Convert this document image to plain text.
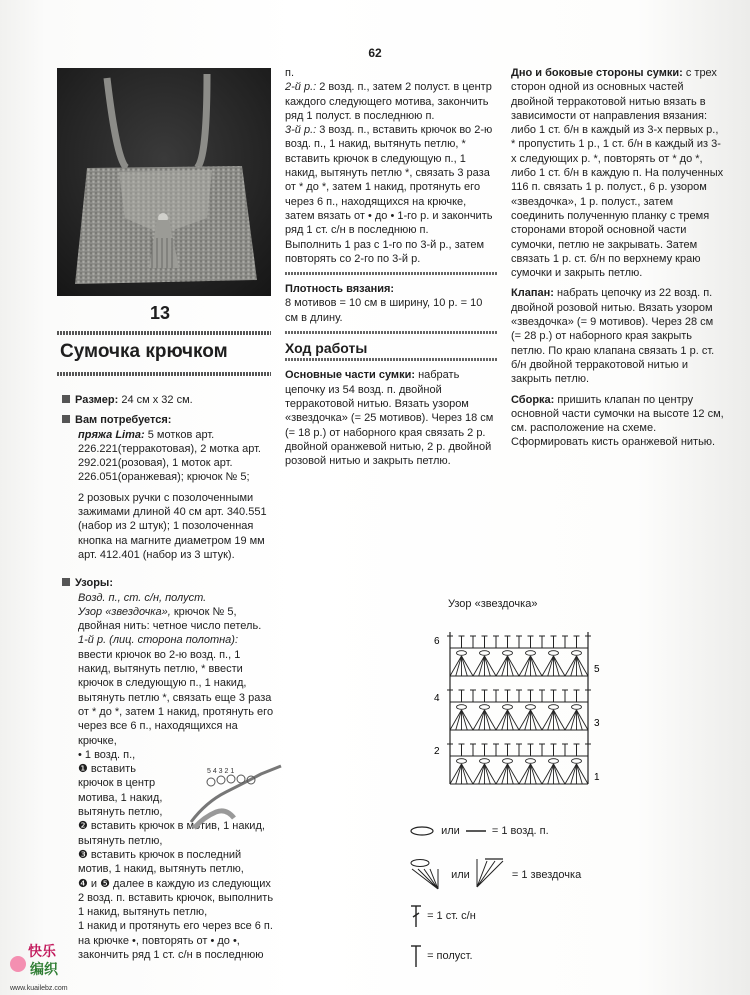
62
13
Сумочка крючком

Размер: 24 см х 32 см.

Вам потребуется:

пряжа Lima: 5 мотков арт. 226.221(терракотовая), 2 мотка арт. 292.021(розовая), 1 моток арт. 226.051(оранжевая); крючок № 5;

2 розовых ручки с позолоченными зажимами длиной 40 см арт. 340.551 (набор из 2 штук); 1 позолоченная кнопка на магните диаметром 19 мм арт. 412.401 (набор из 3 штук).

Узоры:

Возд. п., ст. с/н, полуст.
Узор «звездочка», крючок № 5, двойная нить: четное число петель.
1-й р. (лиц. сторона полотна): ввести крючок во 2-ю возд. п., 1 накид, вытянуть петлю, * ввести крючок в следующую п., 1 накид, вытянуть петлю *, связать еще 3 раза от * до *, затем 1 накид, протянуть его через все 6 п., находящихся на крючке,
• 1 возд. п.,
❶ вставить крючок в центр мотива, 1 накид, вытянуть петлю,
❷ вставить крючок в мотив, 1 накид, вытянуть петлю,
❸ вставить крючок в последний мотив, 1 накид, вытянуть петлю,
❹ и ❺ далее в каждую из следующих 2 возд. п. вставить крючок, выполнить 1 накид, вытянуть петлю,
1 накид и протянуть его через все 6 п. на крючке •, повторять от • до •, закончить ряд 1 ст. с/н в последнюю
5 4 3 2 1
п.
2-й р.: 2 возд. п., затем 2 полуст. в центр каждого следующего мотива, закончить ряд 1 полуст. в последнюю п.
3-й р.: 3 возд. п., вставить крючок во 2-ю возд. п., 1 накид, вытянуть петлю, * вставить крючок в следующую п., 1 накид, вытянуть петлю *, связать 3 раза от * до *, затем 1 накид, протянуть его через 6 п., находящихся на крючке, затем вязать от • до • 1-го р. и закончить ряд 1 ст. с/н в последнюю п.

Выполнить 1 раз с 1-го по 3-й р., затем повторять со 2-го по 3-й р.

Плотность вязания:

8 мотивов = 10 см в ширину, 10 р. = 10 см в длину.

Ход работы

Основные части сумки: набрать цепочку из 54 возд. п. двойной терракотовой нитью. Вязать узором «звездочка» (= 25 мотивов). Через 18 см (= 18 р.) от наборного края связать 2 р. двойной оранжевой нитью, 2 р. двойной розовой нитью и закрыть петлю.

Дно и боковые стороны сумки: с трех сторон одной из основных частей двойной терракотовой нитью вязать в зависимости от направления вязания: либо 1 ст. б/н в каждый из 3-х первых р., * пропустить 1 р., 1 ст. б/н в каждый из 3-х следующих р. *, повторять от * до *, либо 1 ст. б/н в каждую п. На полученных 116 п. связать 1 р. полуст., 6 р. узором «звездочка», 1 р. полуст., затем соединить полученную планку с тремя сторонами второй основной части сумочки, петлю не закрывать. Затем связать 1 р. ст. б/н по верхнему краю сумочки и закрыть петлю.

Клапан: набрать цепочку из 22 возд. п. двойной розовой нитью. Вязать узором «звездочка» (= 9 мотивов). Через 28 см (= 28 р.) от наборного края закрыть петлю. По краю клапана связать 1 р. ст. б/н двойной терракотовой нитью и закрыть петлю.

Сборка: пришить клапан по центру основной части сумочки на высоте 12 см, см. расположение на схеме. Сформировать кисть оранжевой нитью.

Узор «звездочка»
6
4
2
5
3
1
или	= 1 возд. п.
или	= 1 звездочка
= 1 ст. с/н
= полуст.
快乐
编织
www.kuailebz.com
